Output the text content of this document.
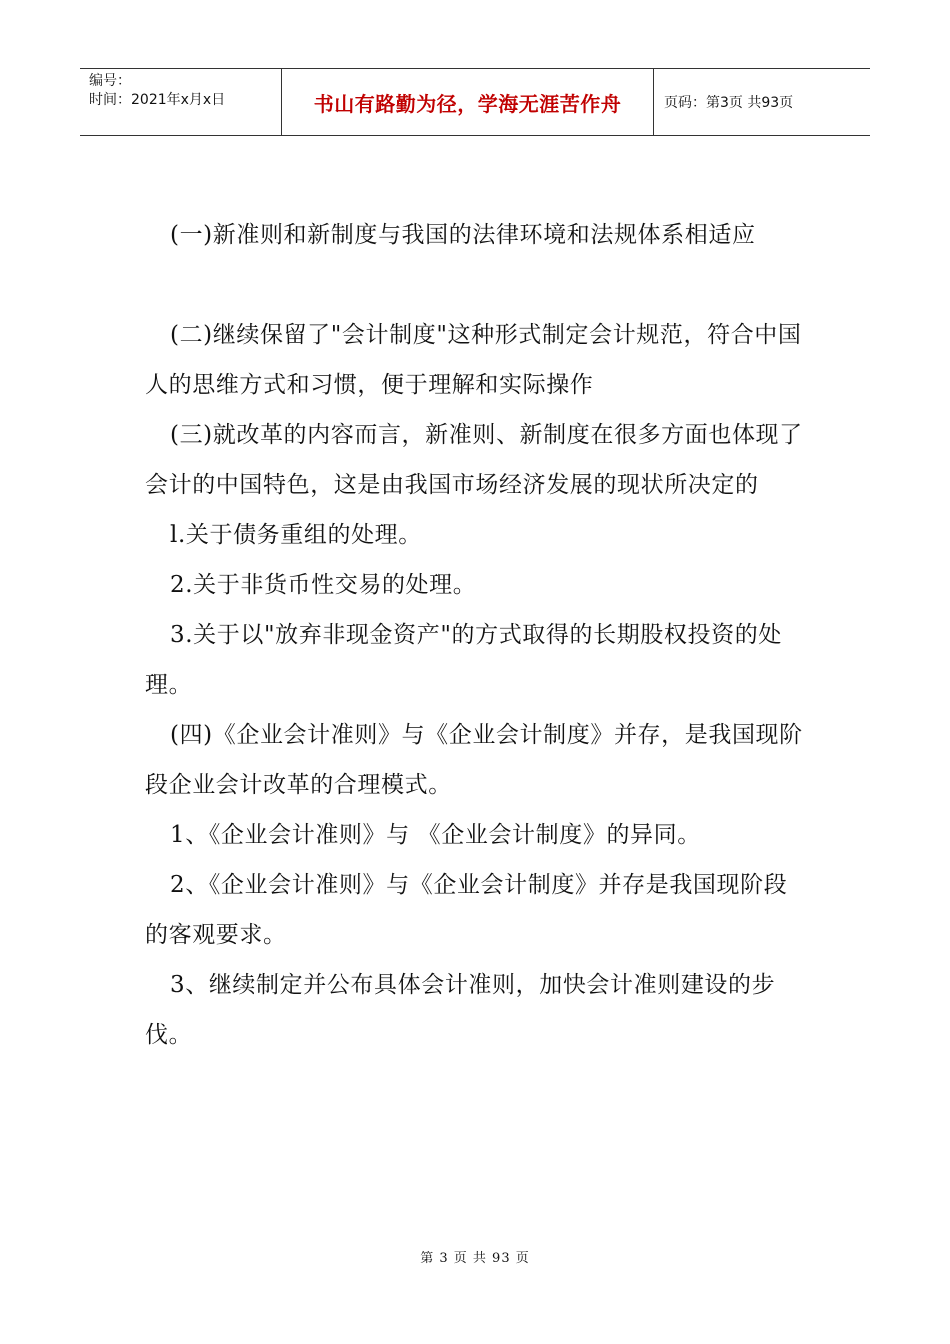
编号：
时间：2021年x月x日	书山有路勤为径，学海无涯苦作舟	页码：第3页 共93页

(一)新准则和新制度与我国的法律环境和法规体系相适应

(二)继续保留了"会计制度"这种形式制定会计规范，符合中国人的思维方式和习惯，便于理解和实际操作

(三)就改革的内容而言，新准则、新制度在很多方面也体现了会计的中国特色，这是由我国市场经济发展的现状所决定的

l.关于债务重组的处理。

2.关于非货币性交易的处理。

3.关于以"放弃非现金资产"的方式取得的长期股权投资的处理。

(四)《企业会计准则》与《企业会计制度》并存，是我国现阶段企业会计改革的合理模式。

1、《企业会计准则》与 《企业会计制度》的异同。

2、《企业会计准则》与《企业会计制度》并存是我国现阶段的客观要求。

3、继续制定并公布具体会计准则，加快会计准则建设的步伐。

第 3 页 共 93 页
